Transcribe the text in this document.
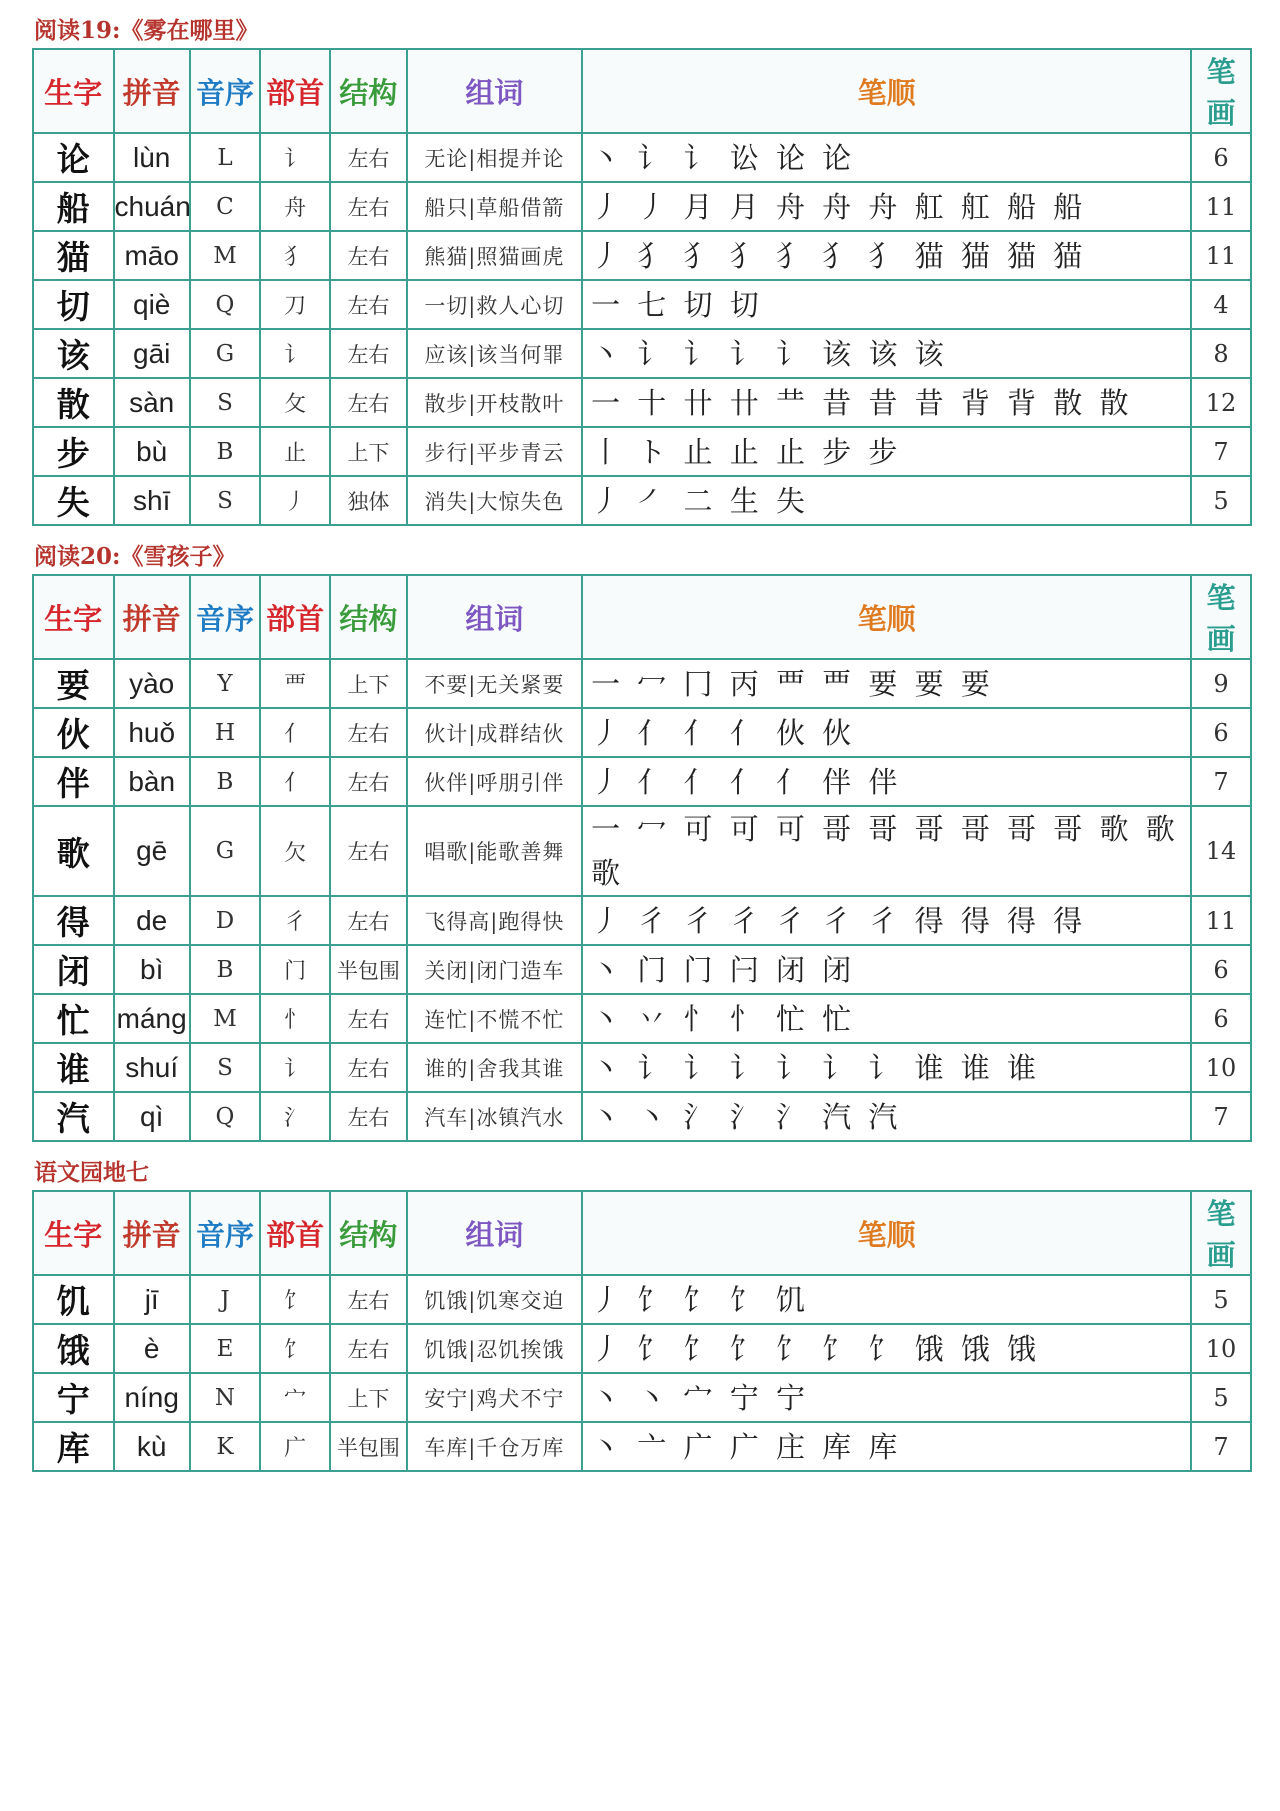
阅读19:《雾在哪里》
生字	拼音	音序	部首	结构	组词	笔顺	笔画
论	lùn	L	讠	左右	无论|相提并论	丶 讠 讠 讼 论 论	6
船	chuán	C	舟	左右	船只|草船借箭	丿 丿 月 月 舟 舟 舟 舡 舡 船 船	11
猫	māo	M	犭	左右	熊猫|照猫画虎	丿 犭 犭 犭 犭 犭 犭 猫 猫 猫 猫	11
切	qiè	Q	刀	左右	一切|救人心切	一 七 切 切	4
该	gāi	G	讠	左右	应该|该当何罪	丶 讠 讠 讠 讠 该 该 该	8
散	sàn	S	攵	左右	散步|开枝散叶	一 十 卄 卄 龷 昔 昔 昔 背 背 散 散	12
步	bù	B	止	上下	步行|平步青云	丨 ト 止 止 止 步 步	7
失	shī	S	丿	独体	消失|大惊失色	丿 ㇒ 二 生 失	5
阅读20:《雪孩子》
生字	拼音	音序	部首	结构	组词	笔顺	笔画
要	yào	Y	覀	上下	不要|无关紧要	一 冖 冂 丙 覀 覀 要 要 要	9
伙	huǒ	H	亻	左右	伙计|成群结伙	丿 亻 亻 亻 伙 伙	6
伴	bàn	B	亻	左右	伙伴|呼朋引伴	丿 亻 亻 亻 亻 伴 伴	7
歌	gē	G	欠	左右	唱歌|能歌善舞	一 冖 可 可 可 哥 哥 哥 哥 哥 哥 歌 歌 歌	14
得	de	D	彳	左右	飞得高|跑得快	丿 彳 彳 彳 彳 彳 彳 得 得 得 得	11
闭	bì	B	门	半包围	关闭|闭门造车	丶 门 门 闩 闭 闭	6
忙	máng	M	忄	左右	连忙|不慌不忙	丶 丷 忄 忄 忙 忙	6
谁	shuí	S	讠	左右	谁的|舍我其谁	丶 讠 讠 讠 讠 讠 讠 谁 谁 谁	10
汽	qì	Q	氵	左右	汽车|冰镇汽水	丶 丶 氵 氵 氵 汽 汽	7
语文园地七
生字	拼音	音序	部首	结构	组词	笔顺	笔画
饥	jī	J	饣	左右	饥饿|饥寒交迫	丿 饣 饣 饣 饥	5
饿	è	E	饣	左右	饥饿|忍饥挨饿	丿 饣 饣 饣 饣 饣 饣 饿 饿 饿	10
宁	níng	N	宀	上下	安宁|鸡犬不宁	丶 丶 宀 宁 宁	5
库	kù	K	广	半包围	车库|千仓万库	丶 亠 广 广 庄 库 库	7
